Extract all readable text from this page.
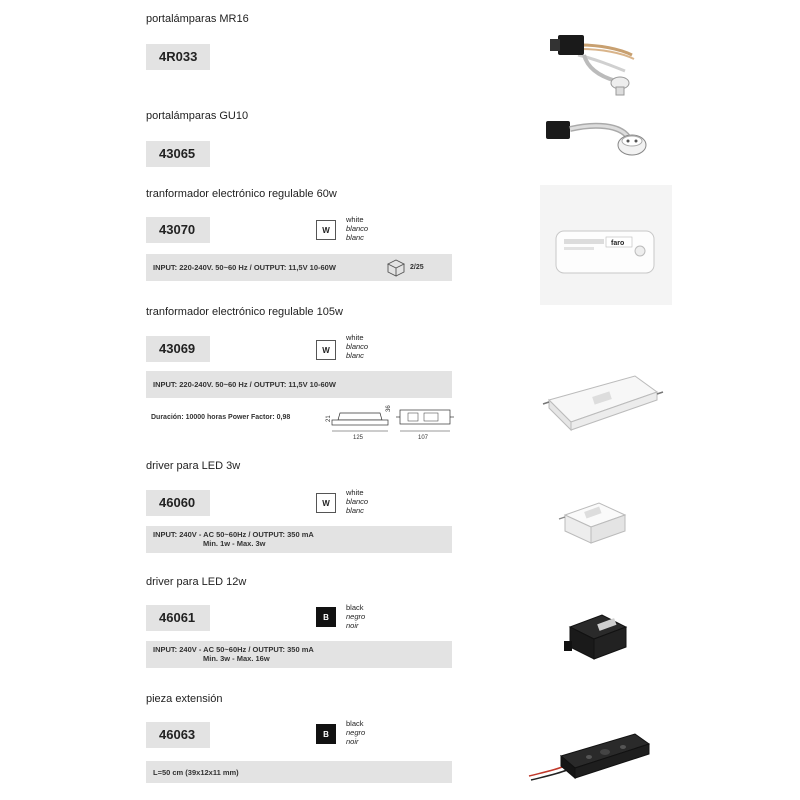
portalámparas MR16
4R033
portalámparas GU10
43065
tranformador electrónico regulable 60w
43070	W
white
blanco
blanc
INPUT: 220-240V. 50~60 Hz / OUTPUT: 11,5V 10-60W	2/25
faro
tranformador electrónico regulable 105w
43069	W
white
blanco
blanc
INPUT: 220-240V. 50~60 Hz / OUTPUT: 11,5V 10-60W
Duración: 10000 horas Power Factor: 0,98
125
21
107
36
driver para LED 3w
46060	W
white
blanco
blanc
INPUT: 240V - AC 50~60Hz / OUTPUT: 350 mA
Min. 1w - Max. 3w
driver para LED 12w
46061	B
black
negro
noir
INPUT: 240V - AC 50~60Hz / OUTPUT: 350 mA
Min. 3w - Max. 16w
pieza extensión
46063	B
black
negro
noir
L=50 cm (39x12x11 mm)
